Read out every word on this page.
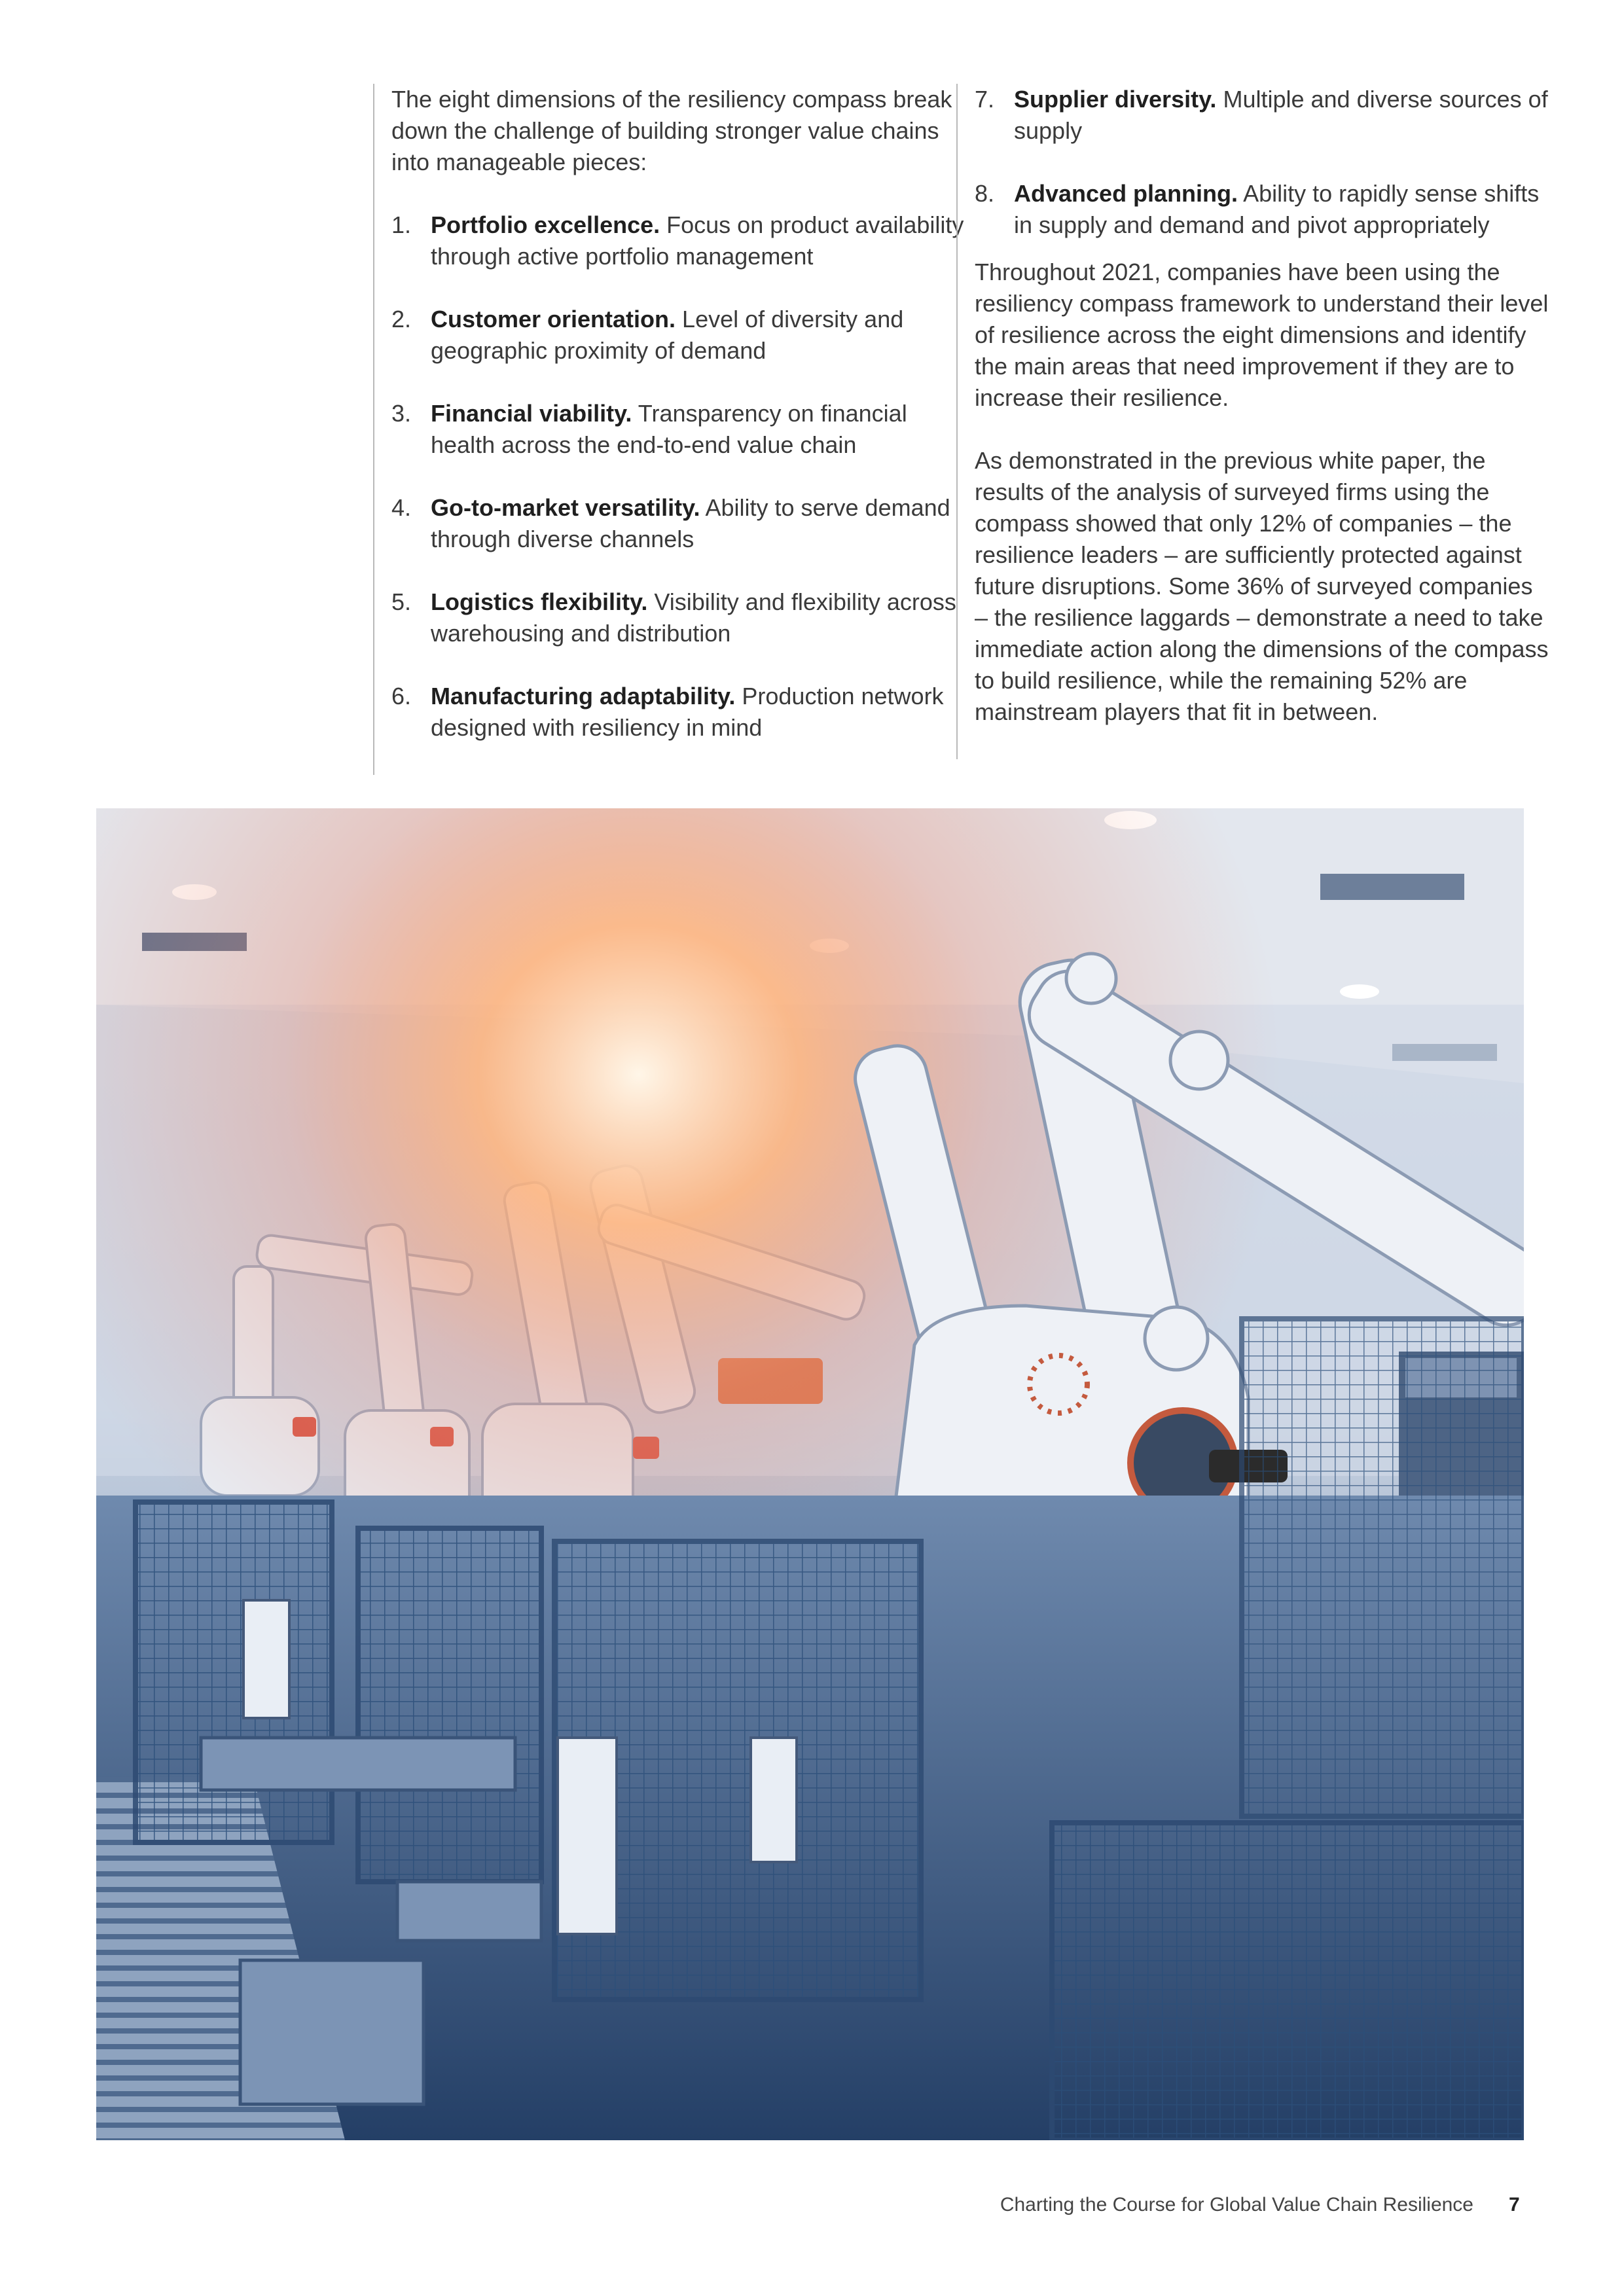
The eight dimensions of the resiliency compass break down the challenge of building stronger value chains into manageable pieces:

1. Portfolio excellence. Focus on product availability through active portfolio management
2. Customer orientation. Level of diversity and geographic proximity of demand
3. Financial viability. Transparency on financial health across the end-to-end value chain
4. Go-to-market versatility. Ability to serve demand through diverse channels
5. Logistics flexibility. Visibility and flexibility across warehousing and distribution
6. Manufacturing adaptability. Production network designed with resiliency in mind
7. Supplier diversity. Multiple and diverse sources of supply
8. Advanced planning. Ability to rapidly sense shifts in supply and demand and pivot appropriately

Throughout 2021, companies have been using the resiliency compass framework to understand their level of resilience across the eight dimensions and identify the main areas that need improvement if they are to increase their resilience.

As demonstrated in the previous white paper, the results of the analysis of surveyed firms using the compass showed that only 12% of companies – the resilience leaders – are sufficiently protected against future disruptions. Some 36% of surveyed companies – the resilience laggards – demonstrate a need to take immediate action along the dimensions of the compass to build resilience, while the remaining 52% are mainstream players that fit in between.

Charting the Course for Global Value Chain Resilience 7
